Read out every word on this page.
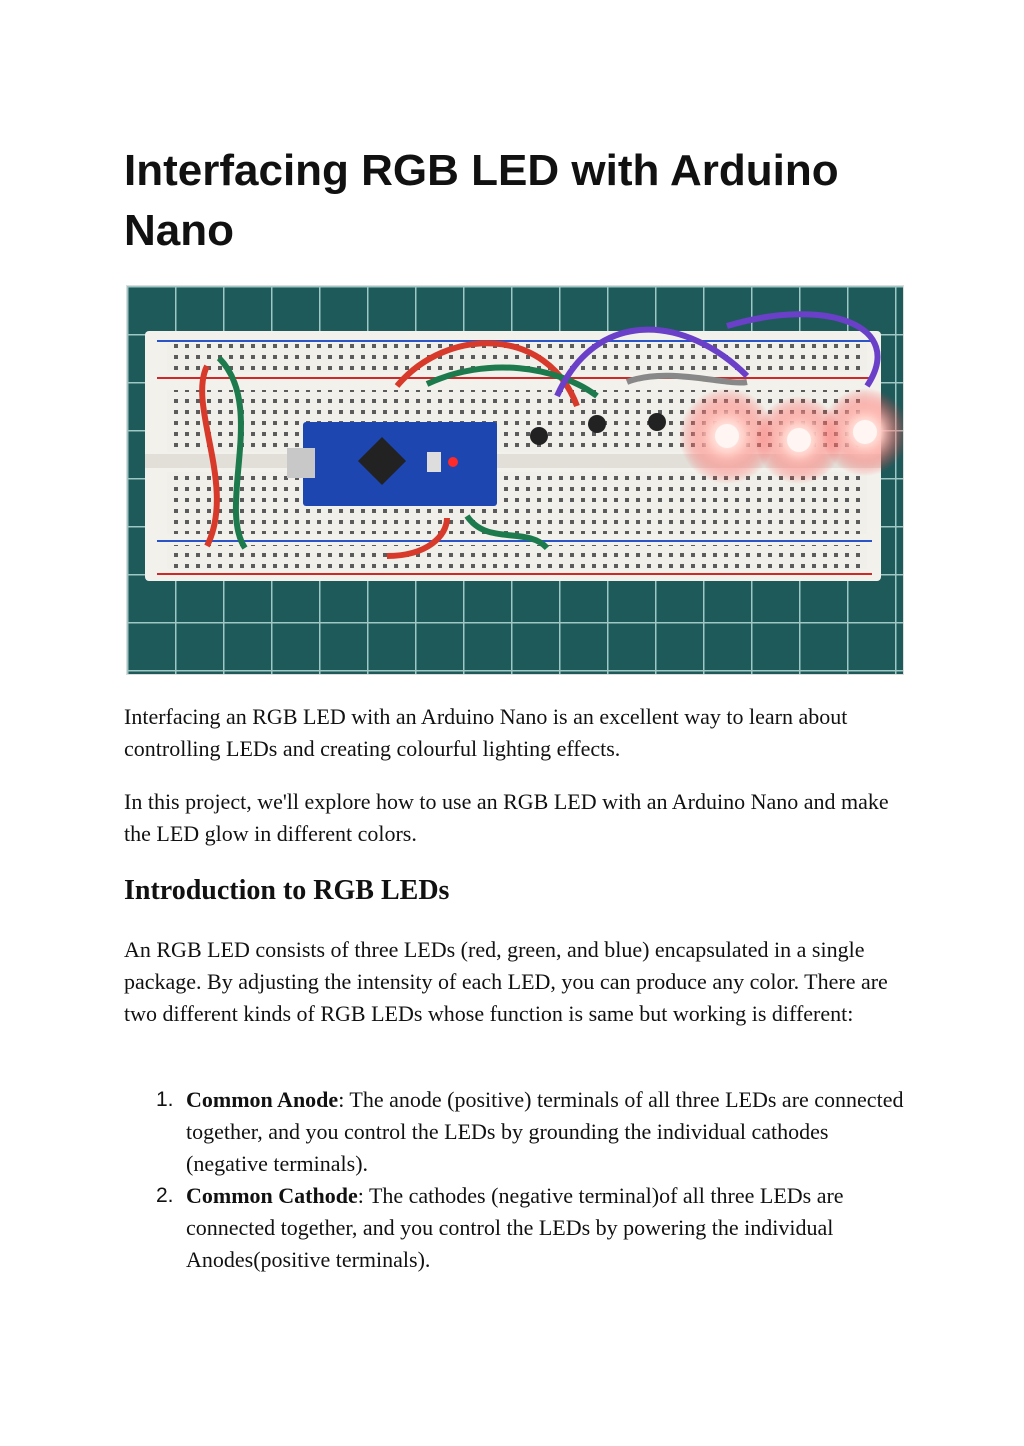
Interfacing RGB LED with Arduino Nano

Interfacing an RGB LED with an Arduino Nano is an excellent way to learn about controlling LEDs and creating colourful lighting effects.

In this project, we'll explore how to use an RGB LED with an Arduino Nano and make the LED glow in different colors.

Introduction to RGB LEDs

An RGB LED consists of three LEDs (red, green, and blue) encapsulated in a single package. By adjusting the intensity of each LED, you can produce any color. There are two different kinds of RGB LEDs whose function is same but working is different:

1. Common Anode: The anode (positive) terminals of all three LEDs are connected together, and you control the LEDs by grounding the individual cathodes (negative terminals).
2. Common Cathode: The cathodes (negative terminal)of all three LEDs are connected together, and you control the LEDs by powering the individual Anodes(positive terminals).
